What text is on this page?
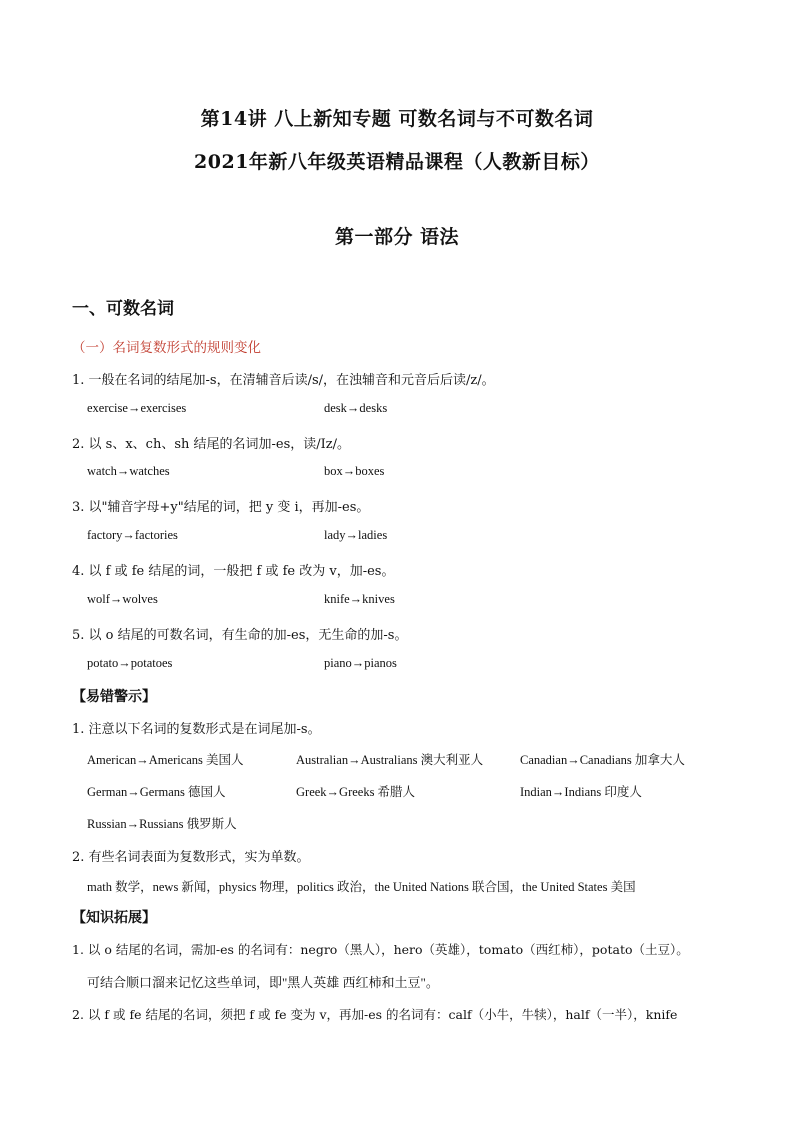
第14讲 八上新知专题 可数名词与不可数名词
2021年新八年级英语精品课程（人教新目标）
第一部分 语法
一、可数名词
（一）名词复数形式的规则变化
1. 一般在名词的结尾加-s，在清辅音后读/s/，在浊辅音和元音后后读/z/。
exercise→exercises	desk→desks
2. 以 s、x、ch、sh 结尾的名词加-es，读/Iz/。
watch→watches	box→boxes
3. 以"辅音字母+y"结尾的词，把 y 变 i，再加-es。
factory→factories	lady→ladies
4. 以 f 或 fe 结尾的词，一般把 f 或 fe 改为 v，加-es。
wolf→wolves	knife→knives
5. 以 o 结尾的可数名词，有生命的加-es，无生命的加-s。
potato→potatoes	piano→pianos
【易错警示】
1. 注意以下名词的复数形式是在词尾加-s。
American→Americans 美国人	Australian→Australians 澳大利亚人	Canadian→Canadians 加拿大人
German→Germans 德国人	Greek→Greeks 希腊人	Indian→Indians 印度人
Russian→Russians 俄罗斯人
2. 有些名词表面为复数形式，实为单数。
math 数学，news 新闻，physics 物理，politics 政治，the United Nations 联合国，the United States 美国
【知识拓展】
1. 以 o 结尾的名词，需加-es 的名词有：negro（黑人），hero（英雄），tomato（西红柿），potato（土豆）。
可结合顺口溜来记忆这些单词，即"黑人英雄 西红柿和土豆"。
2. 以 f 或 fe 结尾的名词，须把 f 或 fe 变为 v，再加-es 的名词有：calf（小牛，牛犊），half（一半），knife
